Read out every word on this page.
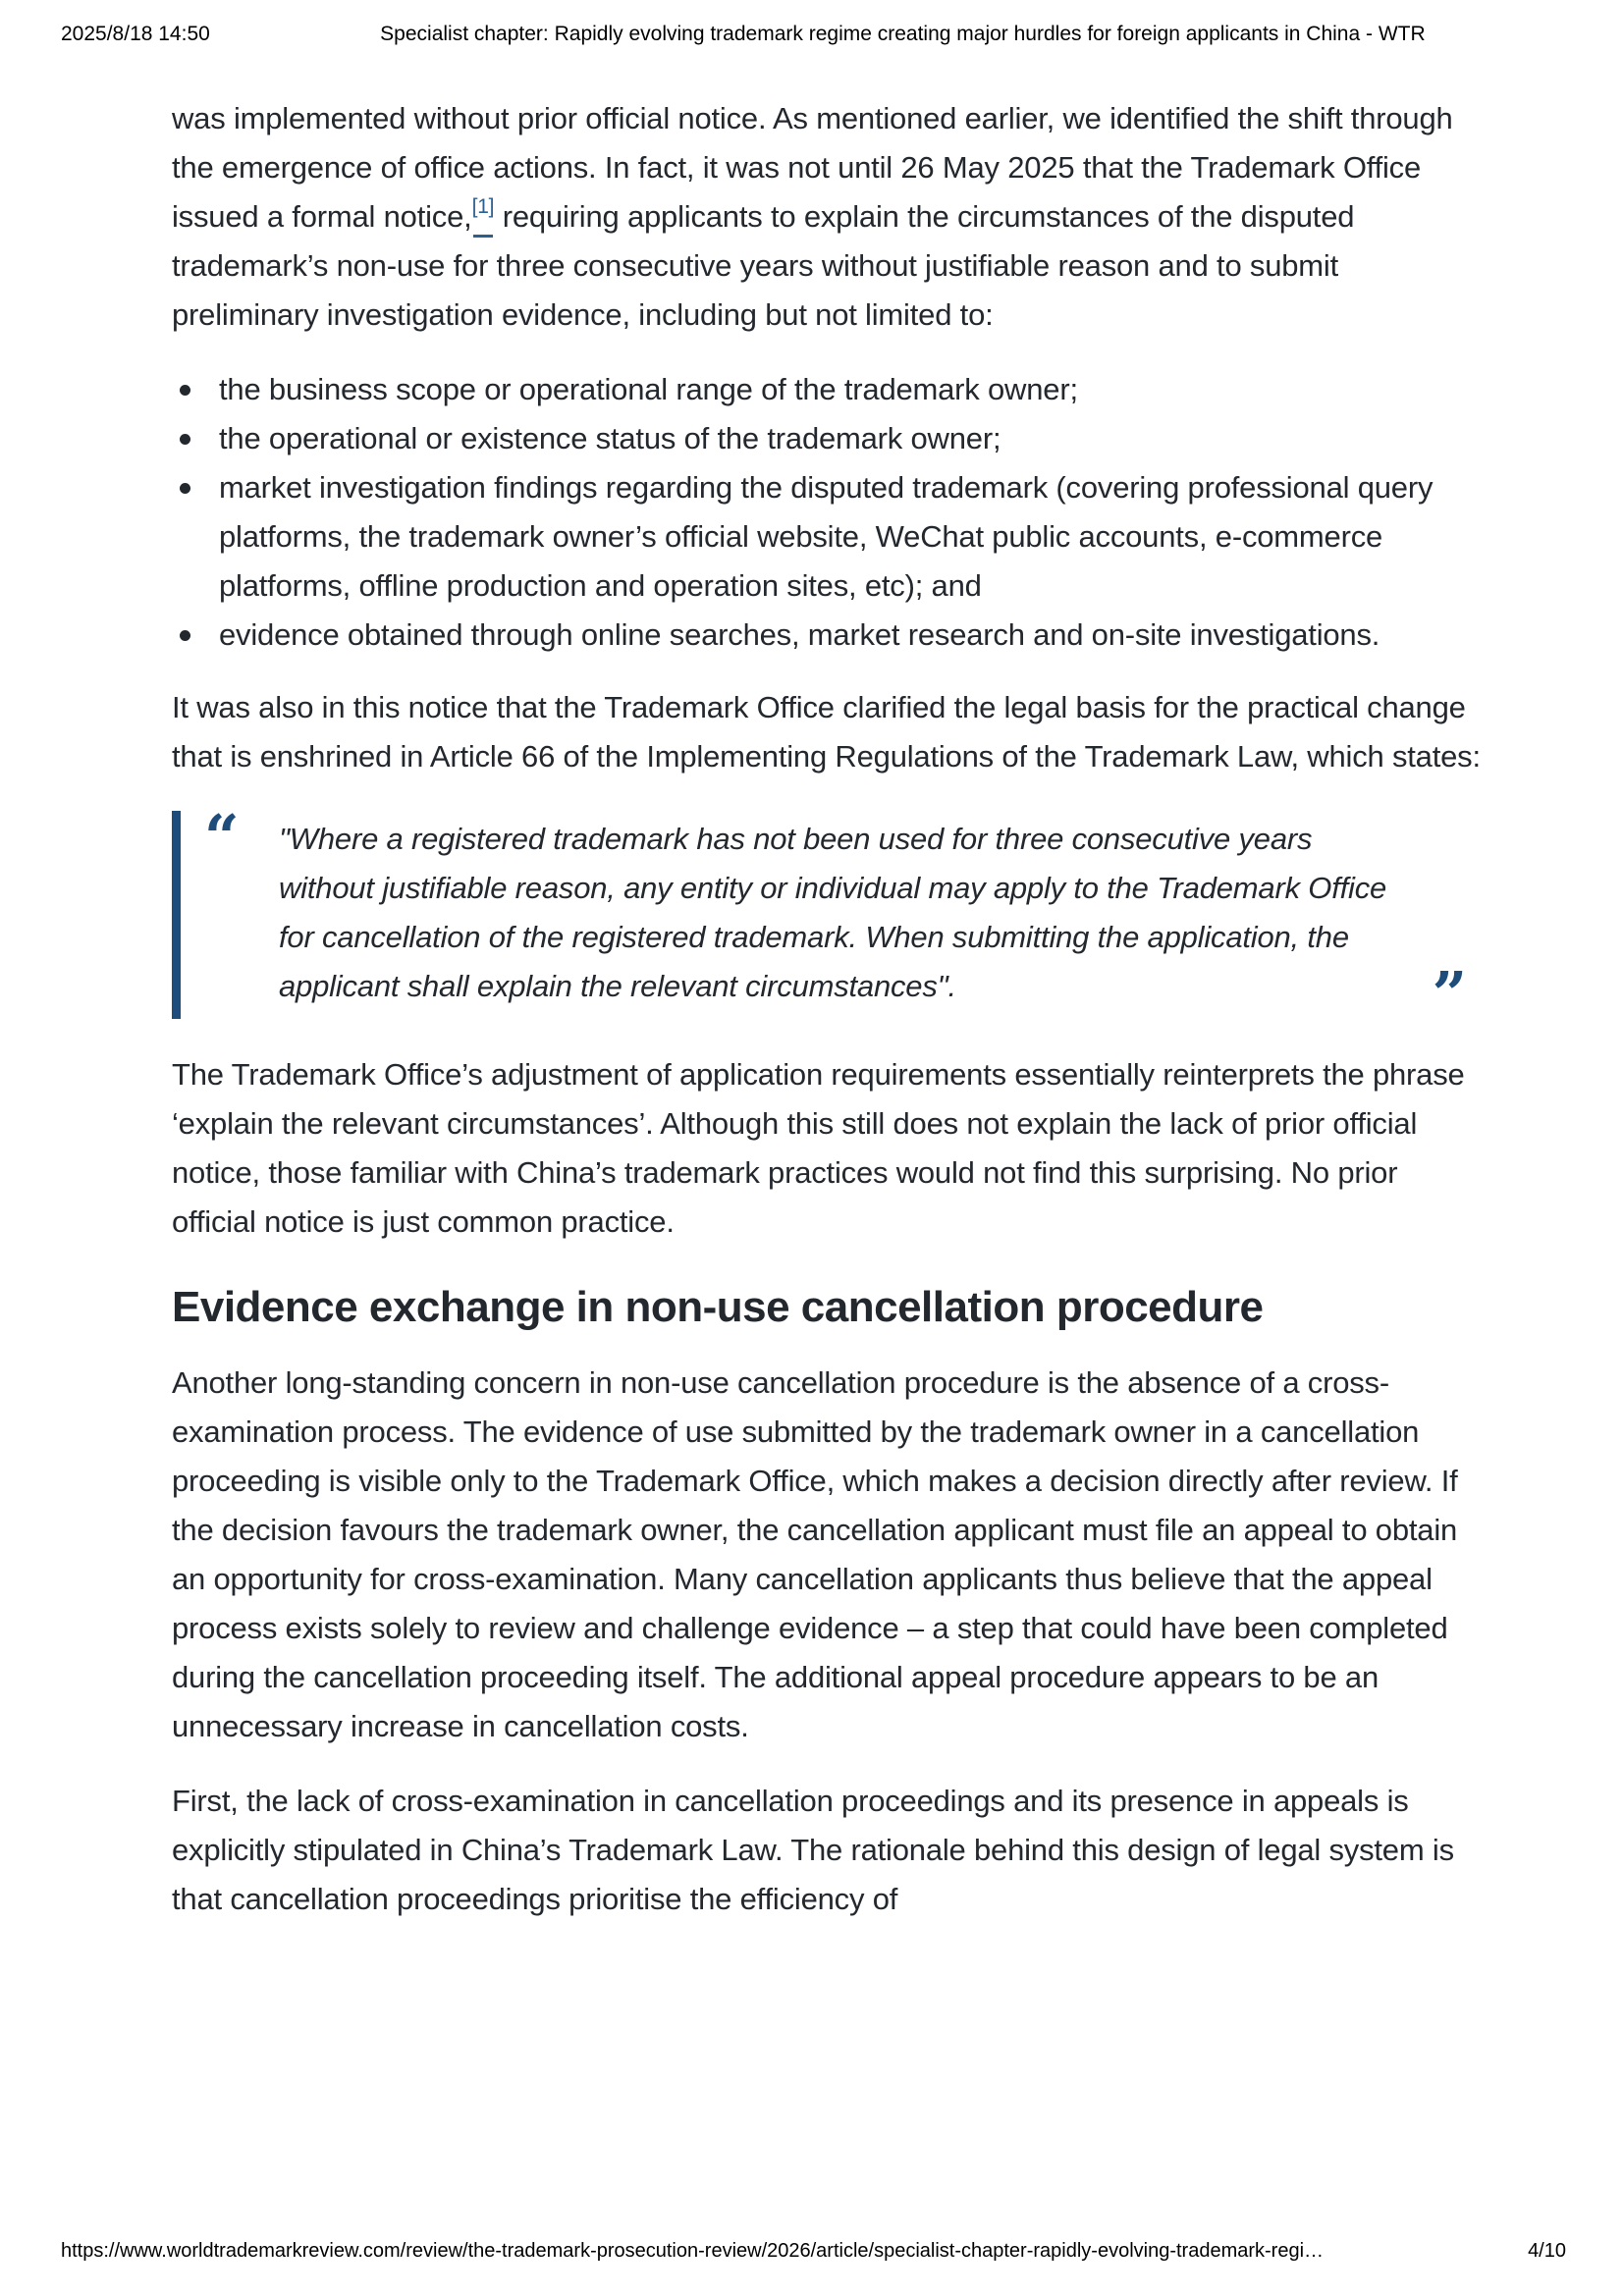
2025/8/18 14:50	Specialist chapter: Rapidly evolving trademark regime creating major hurdles for foreign applicants in China - WTR

was implemented without prior official notice. As mentioned earlier, we identified the shift through the emergence of office actions. In fact, it was not until 26 May 2025 that the Trademark Office issued a formal notice,[1] requiring applicants to explain the circumstances of the disputed trademark’s non-use for three consecutive years without justifiable reason and to submit preliminary investigation evidence, including but not limited to:

the business scope or operational range of the trademark owner;
the operational or existence status of the trademark owner;
market investigation findings regarding the disputed trademark (covering professional query platforms, the trademark owner’s official website, WeChat public accounts, e-commerce platforms, offline production and operation sites, etc); and
evidence obtained through online searches, market research and on-site investigations.

It was also in this notice that the Trademark Office clarified the legal basis for the practical change that is enshrined in Article 66 of the Implementing Regulations of the Trademark Law, which states:

“ "Where a registered trademark has not been used for three consecutive years without justifiable reason, any entity or individual may apply to the Trademark Office for cancellation of the registered trademark. When submitting the application, the applicant shall explain the relevant circumstances".	”

The Trademark Office’s adjustment of application requirements essentially reinterprets the phrase ‘explain the relevant circumstances’. Although this still does not explain the lack of prior official notice, those familiar with China’s trademark practices would not find this surprising. No prior official notice is just common practice.

Evidence exchange in non-use cancellation procedure

Another long-standing concern in non-use cancellation procedure is the absence of a cross-examination process. The evidence of use submitted by the trademark owner in a cancellation proceeding is visible only to the Trademark Office, which makes a decision directly after review. If the decision favours the trademark owner, the cancellation applicant must file an appeal to obtain an opportunity for cross-examination. Many cancellation applicants thus believe that the appeal process exists solely to review and challenge evidence – a step that could have been completed during the cancellation proceeding itself. The additional appeal procedure appears to be an unnecessary increase in cancellation costs.

First, the lack of cross-examination in cancellation proceedings and its presence in appeals is explicitly stipulated in China’s Trademark Law. The rationale behind this design of legal system is that cancellation proceedings prioritise the efficiency of

https://www.worldtrademarkreview.com/review/the-trademark-prosecution-review/2026/article/specialist-chapter-rapidly-evolving-trademark-regi…	4/10
